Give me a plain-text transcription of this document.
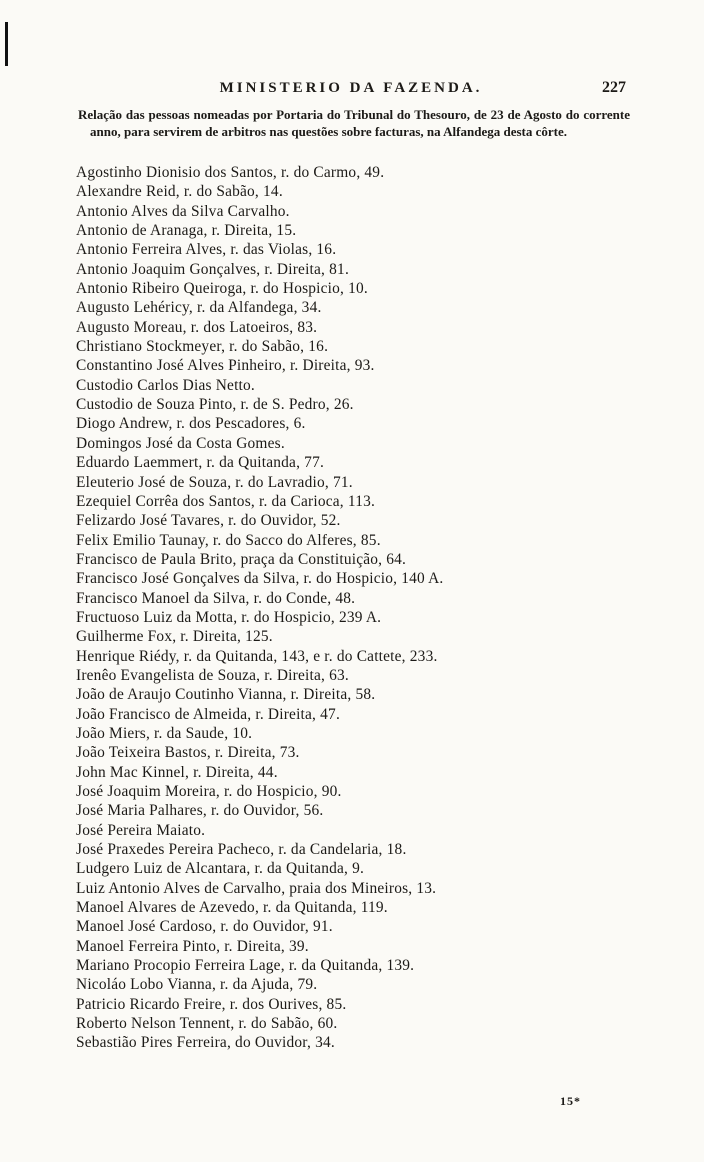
MINISTERIO DA FAZENDA.	227
Relação das pessoas nomeadas por Portaria do Tribunal do Thesouro, de 23 de Agosto do corrente anno, para servirem de arbitros nas questões sobre facturas, na Alfandega desta côrte.
Agostinho Dionisio dos Santos, r. do Carmo, 49.
Alexandre Reid, r. do Sabão, 14.
Antonio Alves da Silva Carvalho.
Antonio de Aranaga, r. Direita, 15.
Antonio Ferreira Alves, r. das Violas, 16.
Antonio Joaquim Gonçalves, r. Direita, 81.
Antonio Ribeiro Queiroga, r. do Hospicio, 10.
Augusto Lehéricy, r. da Alfandega, 34.
Augusto Moreau, r. dos Latoeiros, 83.
Christiano Stockmeyer, r. do Sabão, 16.
Constantino José Alves Pinheiro, r. Direita, 93.
Custodio Carlos Dias Netto.
Custodio de Souza Pinto, r. de S. Pedro, 26.
Diogo Andrew, r. dos Pescadores, 6.
Domingos José da Costa Gomes.
Eduardo Laemmert, r. da Quitanda, 77.
Eleuterio José de Souza, r. do Lavradio, 71.
Ezequiel Corrêa dos Santos, r. da Carioca, 113.
Felizardo José Tavares, r. do Ouvidor, 52.
Felix Emilio Taunay, r. do Sacco do Alferes, 85.
Francisco de Paula Brito, praça da Constituição, 64.
Francisco José Gonçalves da Silva, r. do Hospicio, 140 A.
Francisco Manoel da Silva, r. do Conde, 48.
Fructuoso Luiz da Motta, r. do Hospicio, 239 A.
Guilherme Fox, r. Direita, 125.
Henrique Riédy, r. da Quitanda, 143, e r. do Cattete, 233.
Irenêo Evangelista de Souza, r. Direita, 63.
João de Araujo Coutinho Vianna, r. Direita, 58.
João Francisco de Almeida, r. Direita, 47.
João Miers, r. da Saude, 10.
João Teixeira Bastos, r. Direita, 73.
John Mac Kinnel, r. Direita, 44.
José Joaquim Moreira, r. do Hospicio, 90.
José Maria Palhares, r. do Ouvidor, 56.
José Pereira Maiato.
José Praxedes Pereira Pacheco, r. da Candelaria, 18.
Ludgero Luiz de Alcantara, r. da Quitanda, 9.
Luiz Antonio Alves de Carvalho, praia dos Mineiros, 13.
Manoel Alvares de Azevedo, r. da Quitanda, 119.
Manoel José Cardoso, r. do Ouvidor, 91.
Manoel Ferreira Pinto, r. Direita, 39.
Mariano Procopio Ferreira Lage, r. da Quitanda, 139.
Nicoláo Lobo Vianna, r. da Ajuda, 79.
Patricio Ricardo Freire, r. dos Ourives, 85.
Roberto Nelson Tennent, r. do Sabão, 60.
Sebastião Pires Ferreira, do Ouvidor, 34.
15*
